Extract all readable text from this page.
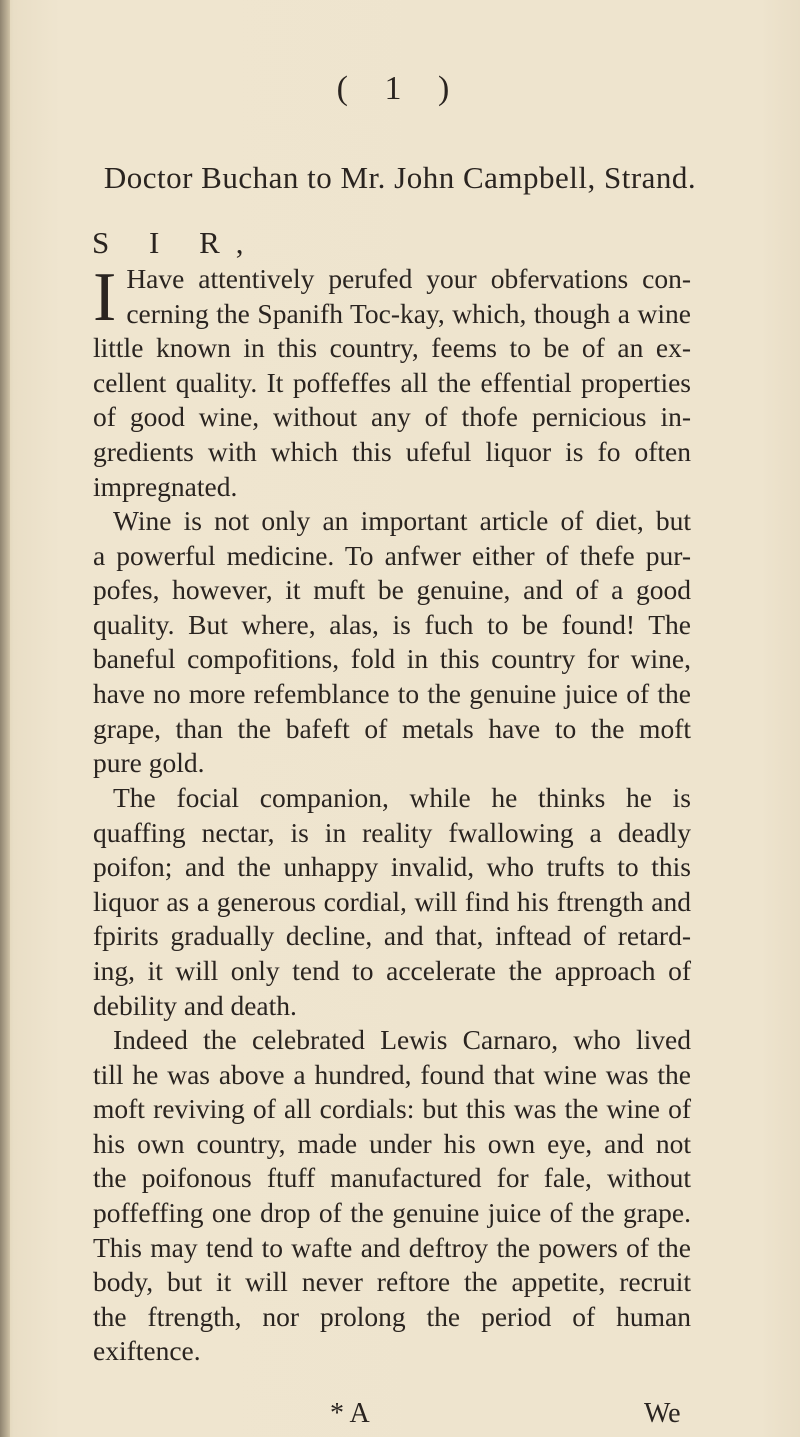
( 1 )
Doctor Buchan to Mr. John Campbell, Strand.
S I R,
I Have attentively perufed your obfervations con-
cerning the Spanifh Toc-kay, which, though a wine
little known in this country, feems to be of an ex-
cellent quality. It poffeffes all the effential properties
of good wine, without any of thofe pernicious in-
gredients with which this ufeful liquor is fo often
impregnated.
Wine is not only an important article of diet, but
a powerful medicine. To anfwer either of thefe pur-
pofes, however, it muft be genuine, and of a good
quality. But where, alas, is fuch to be found! The
baneful compofitions, fold in this country for wine,
have no more refemblance to the genuine juice of the
grape, than the bafeft of metals have to the moft
pure gold.
The focial companion, while he thinks he is
quaffing nectar, is in reality fwallowing a deadly
poifon; and the unhappy invalid, who trufts to this
liquor as a generous cordial, will find his ftrength and
fpirits gradually decline, and that, inftead of retard-
ing, it will only tend to accelerate the approach of
debility and death.
Indeed the celebrated Lewis Carnaro, who lived
till he was above a hundred, found that wine was the
moft reviving of all cordials: but this was the wine of
his own country, made under his own eye, and not
the poifonous ftuff manufactured for fale, without
poffeffing one drop of the genuine juice of the grape.
This may tend to wafte and deftroy the powers of the
body, but it will never reftore the appetite, recruit
the ftrength, nor prolong the period of human
exiftence.
* A	We
